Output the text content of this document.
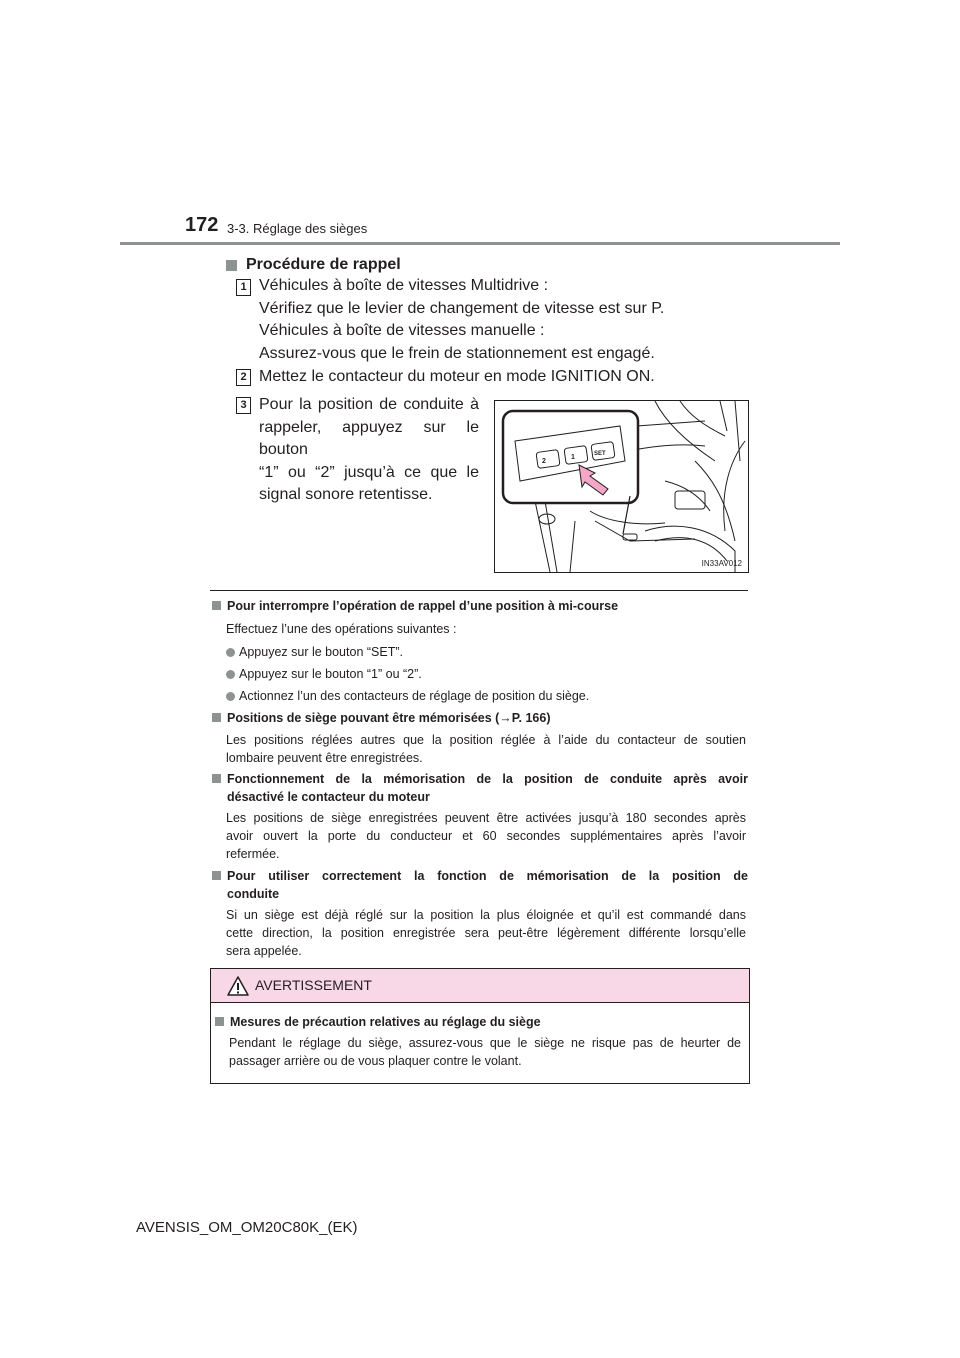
172 3-3. Réglage des sièges
Procédure de rappel
1 Véhicules à boîte de vitesses Multidrive :
Vérifiez que le levier de changement de vitesse est sur P.
Véhicules à boîte de vitesses manuelle :
Assurez-vous que le frein de stationnement est engagé.
2 Mettez le contacteur du moteur en mode IGNITION ON.
3 Pour la position de conduite à
rappeler, appuyez sur le bouton
“1” ou “2” jusqu’à ce que le
signal sonore retentisse.
2
1	SET
IN33AV012
Pour interrompre l’opération de rappel d’une position à mi-course
Effectuez l’une des opérations suivantes :
Appuyez sur le bouton “SET”.
Appuyez sur le bouton “1” ou “2”.
Actionnez l’un des contacteurs de réglage de position du siège.
Positions de siège pouvant être mémorisées (→P. 166)
Les positions réglées autres que la position réglée à l’aide du contacteur de soutien
lombaire peuvent être enregistrées.
Fonctionnement de la mémorisation de la position de conduite après avoir
désactivé le contacteur du moteur
Les positions de siège enregistrées peuvent être activées jusqu’à 180 secondes après
avoir ouvert la porte du conducteur et 60 secondes supplémentaires après l’avoir
refermée.
Pour utiliser correctement la fonction de mémorisation de la position de
conduite
Si un siège est déjà réglé sur la position la plus éloignée et qu’il est commandé dans
cette direction, la position enregistrée sera peut-être légèrement différente lorsqu’elle
sera appelée.
AVERTISSEMENT
Mesures de précaution relatives au réglage du siège
Pendant le réglage du siège, assurez-vous que le siège ne risque pas de heurter de
passager arrière ou de vous plaquer contre le volant.
AVENSIS_OM_OM20C80K_(EK)
